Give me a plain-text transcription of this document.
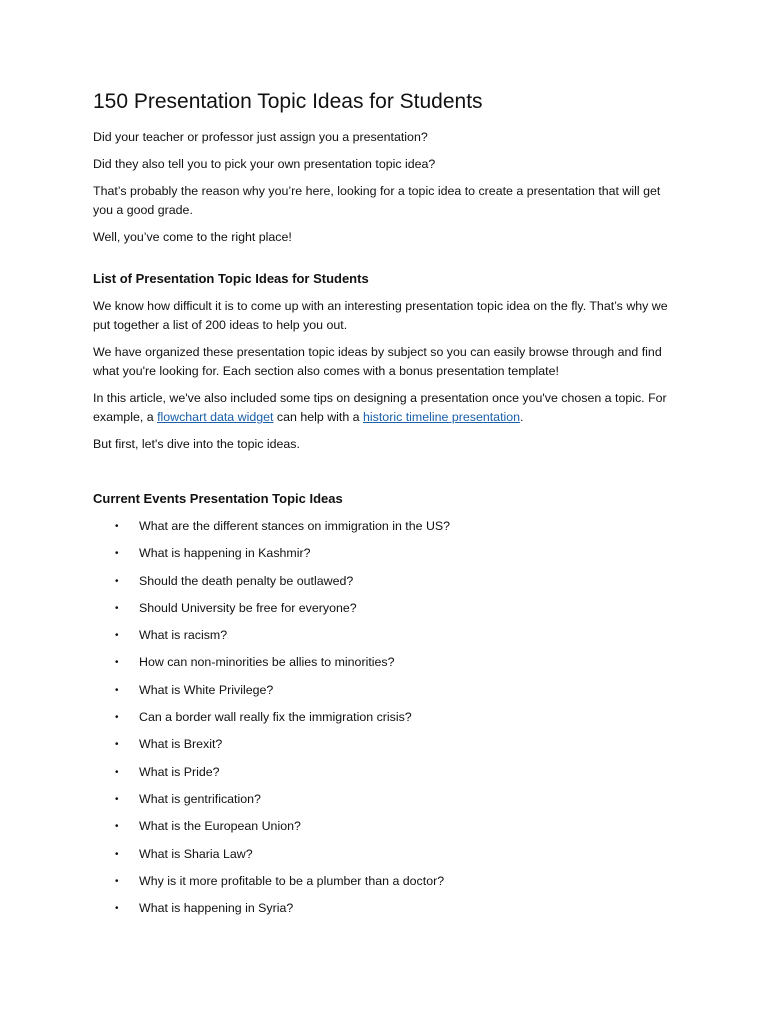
150 Presentation Topic Ideas for Students

Did your teacher or professor just assign you a presentation?

Did they also tell you to pick your own presentation topic idea?

That’s probably the reason why you’re here, looking for a topic idea to create a presentation that will get you a good grade.

Well, you’ve come to the right place!

List of Presentation Topic Ideas for Students

We know how difficult it is to come up with an interesting presentation topic idea on the fly. That’s why we put together a list of 200 ideas to help you out.

We have organized these presentation topic ideas by subject so you can easily browse through and find what you're looking for. Each section also comes with a bonus presentation template!

In this article, we've also included some tips on designing a presentation once you've chosen a topic. For example, a flowchart data widget can help with a historic timeline presentation.

But first, let's dive into the topic ideas.

Current Events Presentation Topic Ideas
• What are the different stances on immigration in the US?
• What is happening in Kashmir?
• Should the death penalty be outlawed?
• Should University be free for everyone?
• What is racism?
• How can non-minorities be allies to minorities?
• What is White Privilege?
• Can a border wall really fix the immigration crisis?
• What is Brexit?
• What is Pride?
• What is gentrification?
• What is the European Union?
• What is Sharia Law?
• Why is it more profitable to be a plumber than a doctor?
• What is happening in Syria?
